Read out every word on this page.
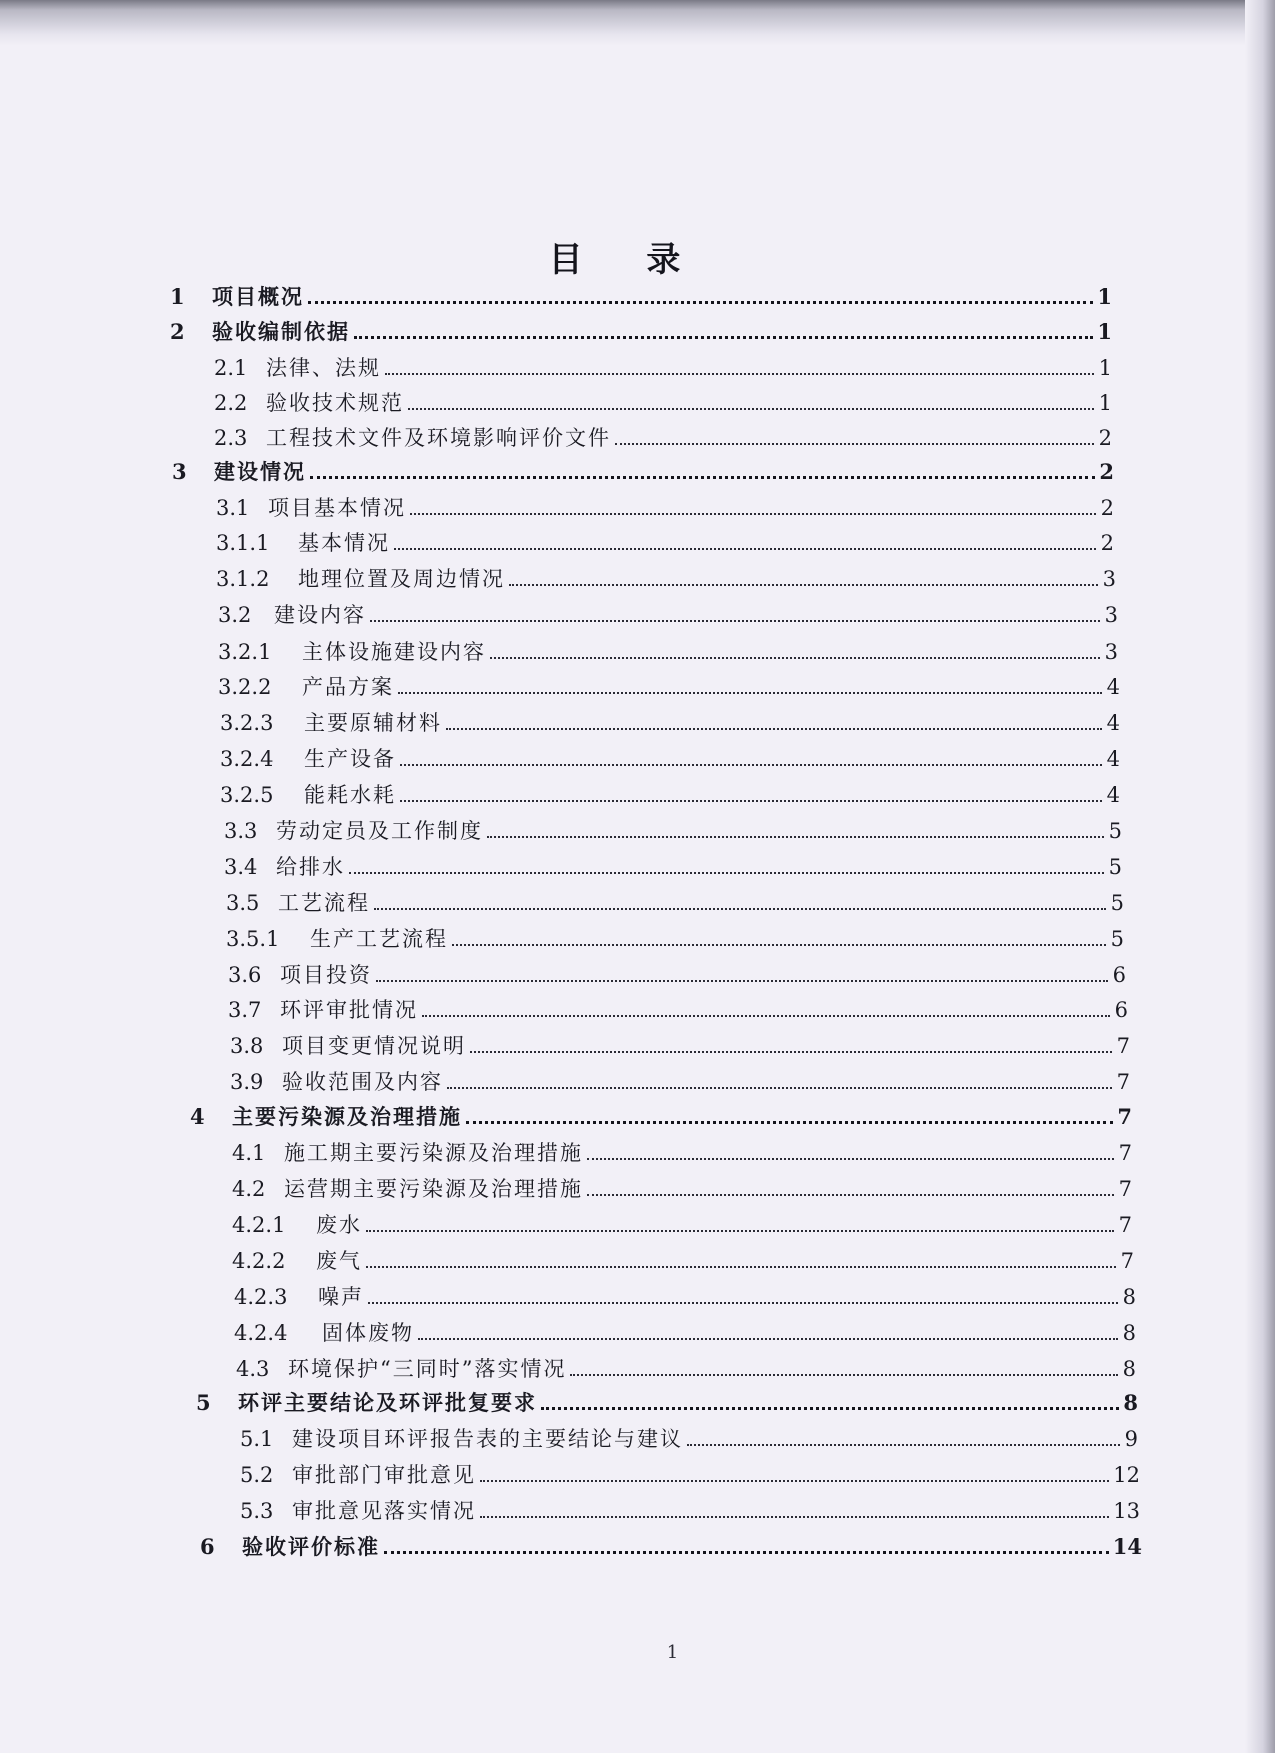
目 录
1	项目概况	1
2	验收编制依据	1
2.1 法律、法规	1
2.2 验收技术规范	1
2.3 工程技术文件及环境影响评价文件	2
3	建设情况	2
3.1 项目基本情况	2
3.1.1	基本情况	2
3.1.2	地理位置及周边情况	3
3.2	建设内容	3
3.2.1	主体设施建设内容	3
3.2.2	产品方案	4
3.2.3	主要原辅材料	4
3.2.4	生产设备	4
3.2.5	能耗水耗	4
3.3 劳动定员及工作制度	5
3.4 给排水	5
3.5 工艺流程	5
3.5.1	生产工艺流程	5
3.6 项目投资	6
3.7 环评审批情况	6
3.8 项目变更情况说明	7
3.9 验收范围及内容	7
4	主要污染源及治理措施	7
4.1 施工期主要污染源及治理措施	7
4.2 运营期主要污染源及治理措施	7
4.2.1	废水	7
4.2.2	废气	7
4.2.3	噪声	8
4.2.4	固体废物	8
4.3 环境保护“三同时”落实情况	8
5	环评主要结论及环评批复要求	8
5.1 建设项目环评报告表的主要结论与建议	9
5.2 审批部门审批意见	12
5.3 审批意见落实情况	13
6	验收评价标准	14
1
